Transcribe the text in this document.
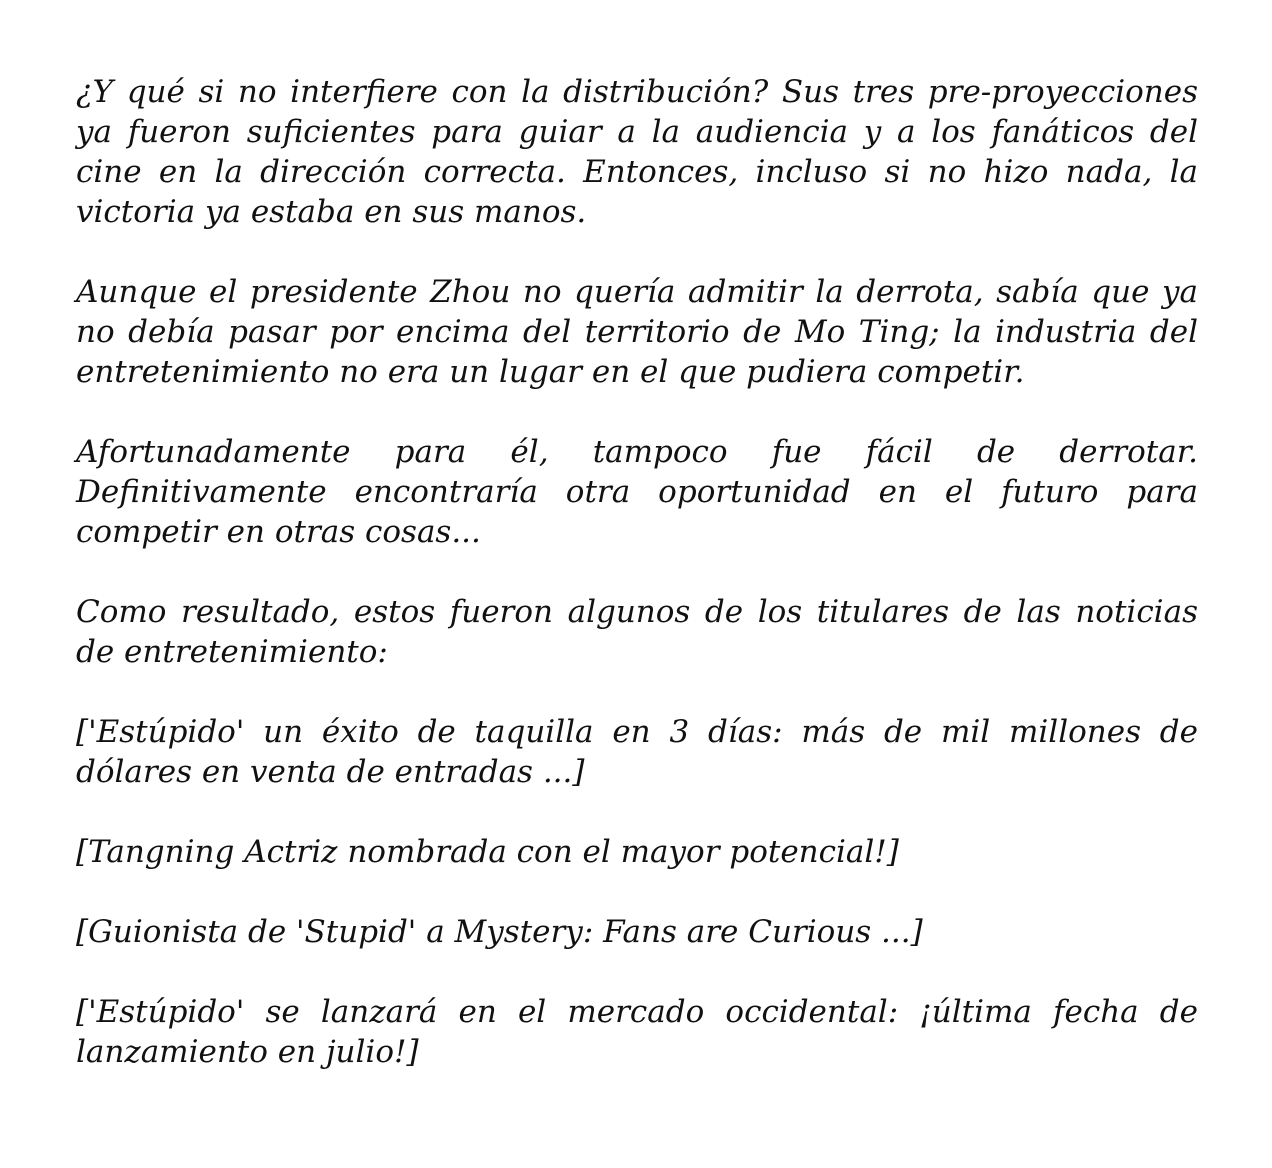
¿Y qué si no interfiere con la distribución? Sus tres pre-proyecciones ya fueron suficientes para guiar a la audiencia y a los fanáticos del cine en la dirección correcta. Entonces, incluso si no hizo nada, la victoria ya estaba en sus manos.

Aunque el presidente Zhou no quería admitir la derrota, sabía que ya no debía pasar por encima del territorio de Mo Ting; la industria del entretenimiento no era un lugar en el que pudiera competir.

Afortunadamente para él, tampoco fue fácil de derrotar. Definitivamente encontraría otra oportunidad en el futuro para competir en otras cosas...

Como resultado, estos fueron algunos de los titulares de las noticias de entretenimiento:

['Estúpido' un éxito de taquilla en 3 días: más de mil millones de dólares en venta de entradas ...]

[Tangning Actriz nombrada con el mayor potencial!]

[Guionista de 'Stupid' a Mystery: Fans are Curious ...]

['Estúpido' se lanzará en el mercado occidental: ¡última fecha de lanzamiento en julio!]
